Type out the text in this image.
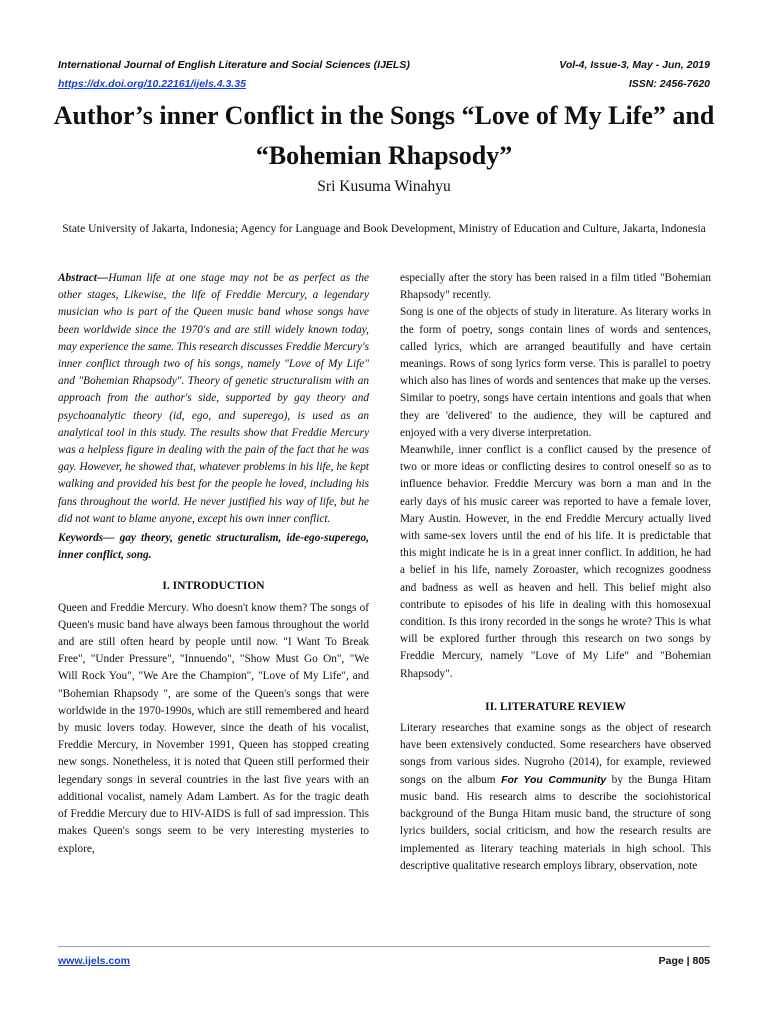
International Journal of English Literature and Social Sciences (IJELS)
https://dx.doi.org/10.22161/ijels.4.3.35
Vol-4, Issue-3, May - Jun, 2019
ISSN: 2456-7620
Author’s inner Conflict in the Songs “Love of My Life” and “Bohemian Rhapsody”
Sri Kusuma Winahyu
State University of Jakarta, Indonesia; Agency for Language and Book Development, Ministry of Education and Culture, Jakarta, Indonesia

Abstract—Human life at one stage may not be as perfect as the other stages, Likewise, the life of Freddie Mercury, a legendary musician who is part of the Queen music band whose songs have been worldwide since the 1970's and are still widely known today, may experience the same. This research discusses Freddie Mercury's inner conflict through two of his songs, namely "Love of My Life" and "Bohemian Rhapsody". Theory of genetic structuralism with an approach from the author's side, supported by gay theory and psychoanalytic theory (id, ego, and superego), is used as an analytical tool in this study. The results show that Freddie Mercury was a helpless figure in dealing with the pain of the fact that he was gay. However, he showed that, whatever problems in his life, he kept walking and provided his best for the people he loved, including his fans throughout the world. He never justified his way of life, but he did not want to blame anyone, except his own inner conflict.

Keywords— gay theory, genetic structuralism, ide-ego-superego, inner conflict, song.

I. INTRODUCTION

Queen and Freddie Mercury. Who doesn't know them? The songs of Queen's music band have always been famous throughout the world and are still often heard by people until now. "I Want To Break Free", "Under Pressure", "Innuendo", "Show Must Go On", "We Will Rock You", "We Are the Champion", "Love of My Life", and "Bohemian Rhapsody ", are some of the Queen's songs that were worldwide in the 1970-1990s, which are still remembered and heard by music lovers today. However, since the death of his vocalist, Freddie Mercury, in November 1991, Queen has stopped creating new songs. Nonetheless, it is noted that Queen still performed their legendary songs in several countries in the last five years with an additional vocalist, namely Adam Lambert. As for the tragic death of Freddie Mercury due to HIV-AIDS is full of sad impression. This makes Queen's songs seem to be very interesting mysteries to explore,

especially after the story has been raised in a film titled "Bohemian Rhapsody" recently.

Song is one of the objects of study in literature. As literary works in the form of poetry, songs contain lines of words and sentences, called lyrics, which are arranged beautifully and have certain meanings. Rows of song lyrics form verse. This is parallel to poetry which also has lines of words and sentences that make up the verses. Similar to poetry, songs have certain intentions and goals that when they are 'delivered' to the audience, they will be captured and enjoyed with a very diverse interpretation.

Meanwhile, inner conflict is a conflict caused by the presence of two or more ideas or conflicting desires to control oneself so as to influence behavior. Freddie Mercury was born a man and in the early days of his music career was reported to have a female lover, Mary Austin. However, in the end Freddie Mercury actually lived with same-sex lovers until the end of his life. It is predictable that this might indicate he is in a great inner conflict. In addition, he had a belief in his life, namely Zoroaster, which recognizes goodness and badness as well as heaven and hell. This belief might also contribute to episodes of his life in dealing with this homosexual condition. Is this irony recorded in the songs he wrote? This is what will be explored further through this research on two songs by Freddie Mercury, namely "Love of My Life" and "Bohemian Rhapsody".

II. LITERATURE REVIEW

Literary researches that examine songs as the object of research have been extensively conducted. Some researchers have observed songs from various sides. Nugroho (2014), for example, reviewed songs on the album For You Community by the Bunga Hitam music band. His research aims to describe the sociohistorical background of the Bunga Hitam music band, the structure of song lyrics builders, social criticism, and how the research results are implemented as literary teaching materials in high school. This descriptive qualitative research employs library, observation, note

www.ijels.com	Page | 805
